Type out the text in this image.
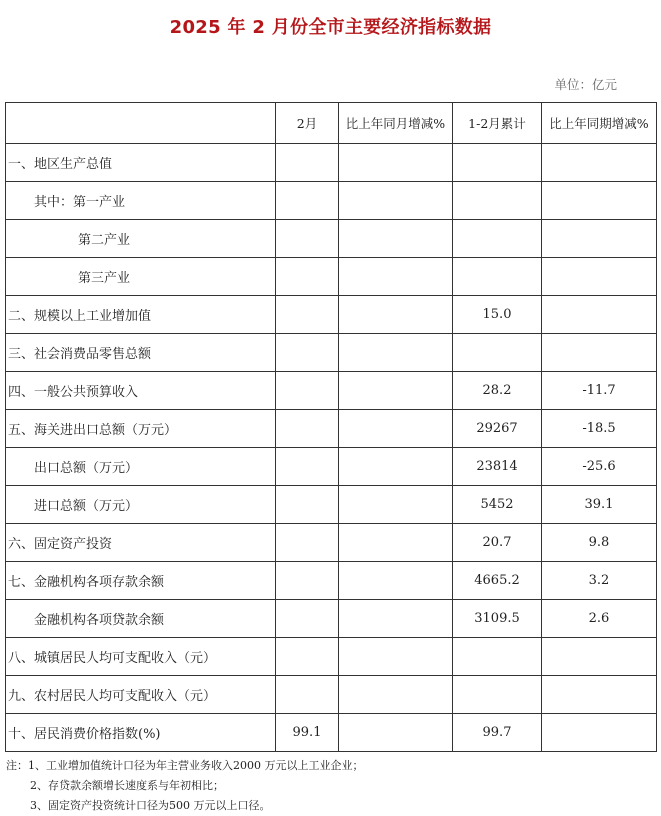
2025 年 2 月份全市主要经济指标数据
单位：亿元
	2月	比上年同月增减%	1-2月累计	比上年同期增减%
一、地区生产总值				
其中：第一产业				
第二产业				
第三产业				
二、规模以上工业增加值			15.0	
三、社会消费品零售总额				
四、一般公共预算收入			28.2	-11.7
五、海关进出口总额（万元）			29267	-18.5
出口总额（万元）			23814	-25.6
进口总额（万元）			5452	39.1
六、固定资产投资			20.7	9.8
七、金融机构各项存款余额			4665.2	3.2
金融机构各项贷款余额			3109.5	2.6
八、城镇居民人均可支配收入（元）				
九、农村居民人均可支配收入（元）				
十、居民消费价格指数(%)	99.1		99.7	
注：1、工业增加值统计口径为年主营业务收入2000 万元以上工业企业；
2、存贷款余额增长速度系与年初相比；
3、固定资产投资统计口径为500 万元以上口径。
